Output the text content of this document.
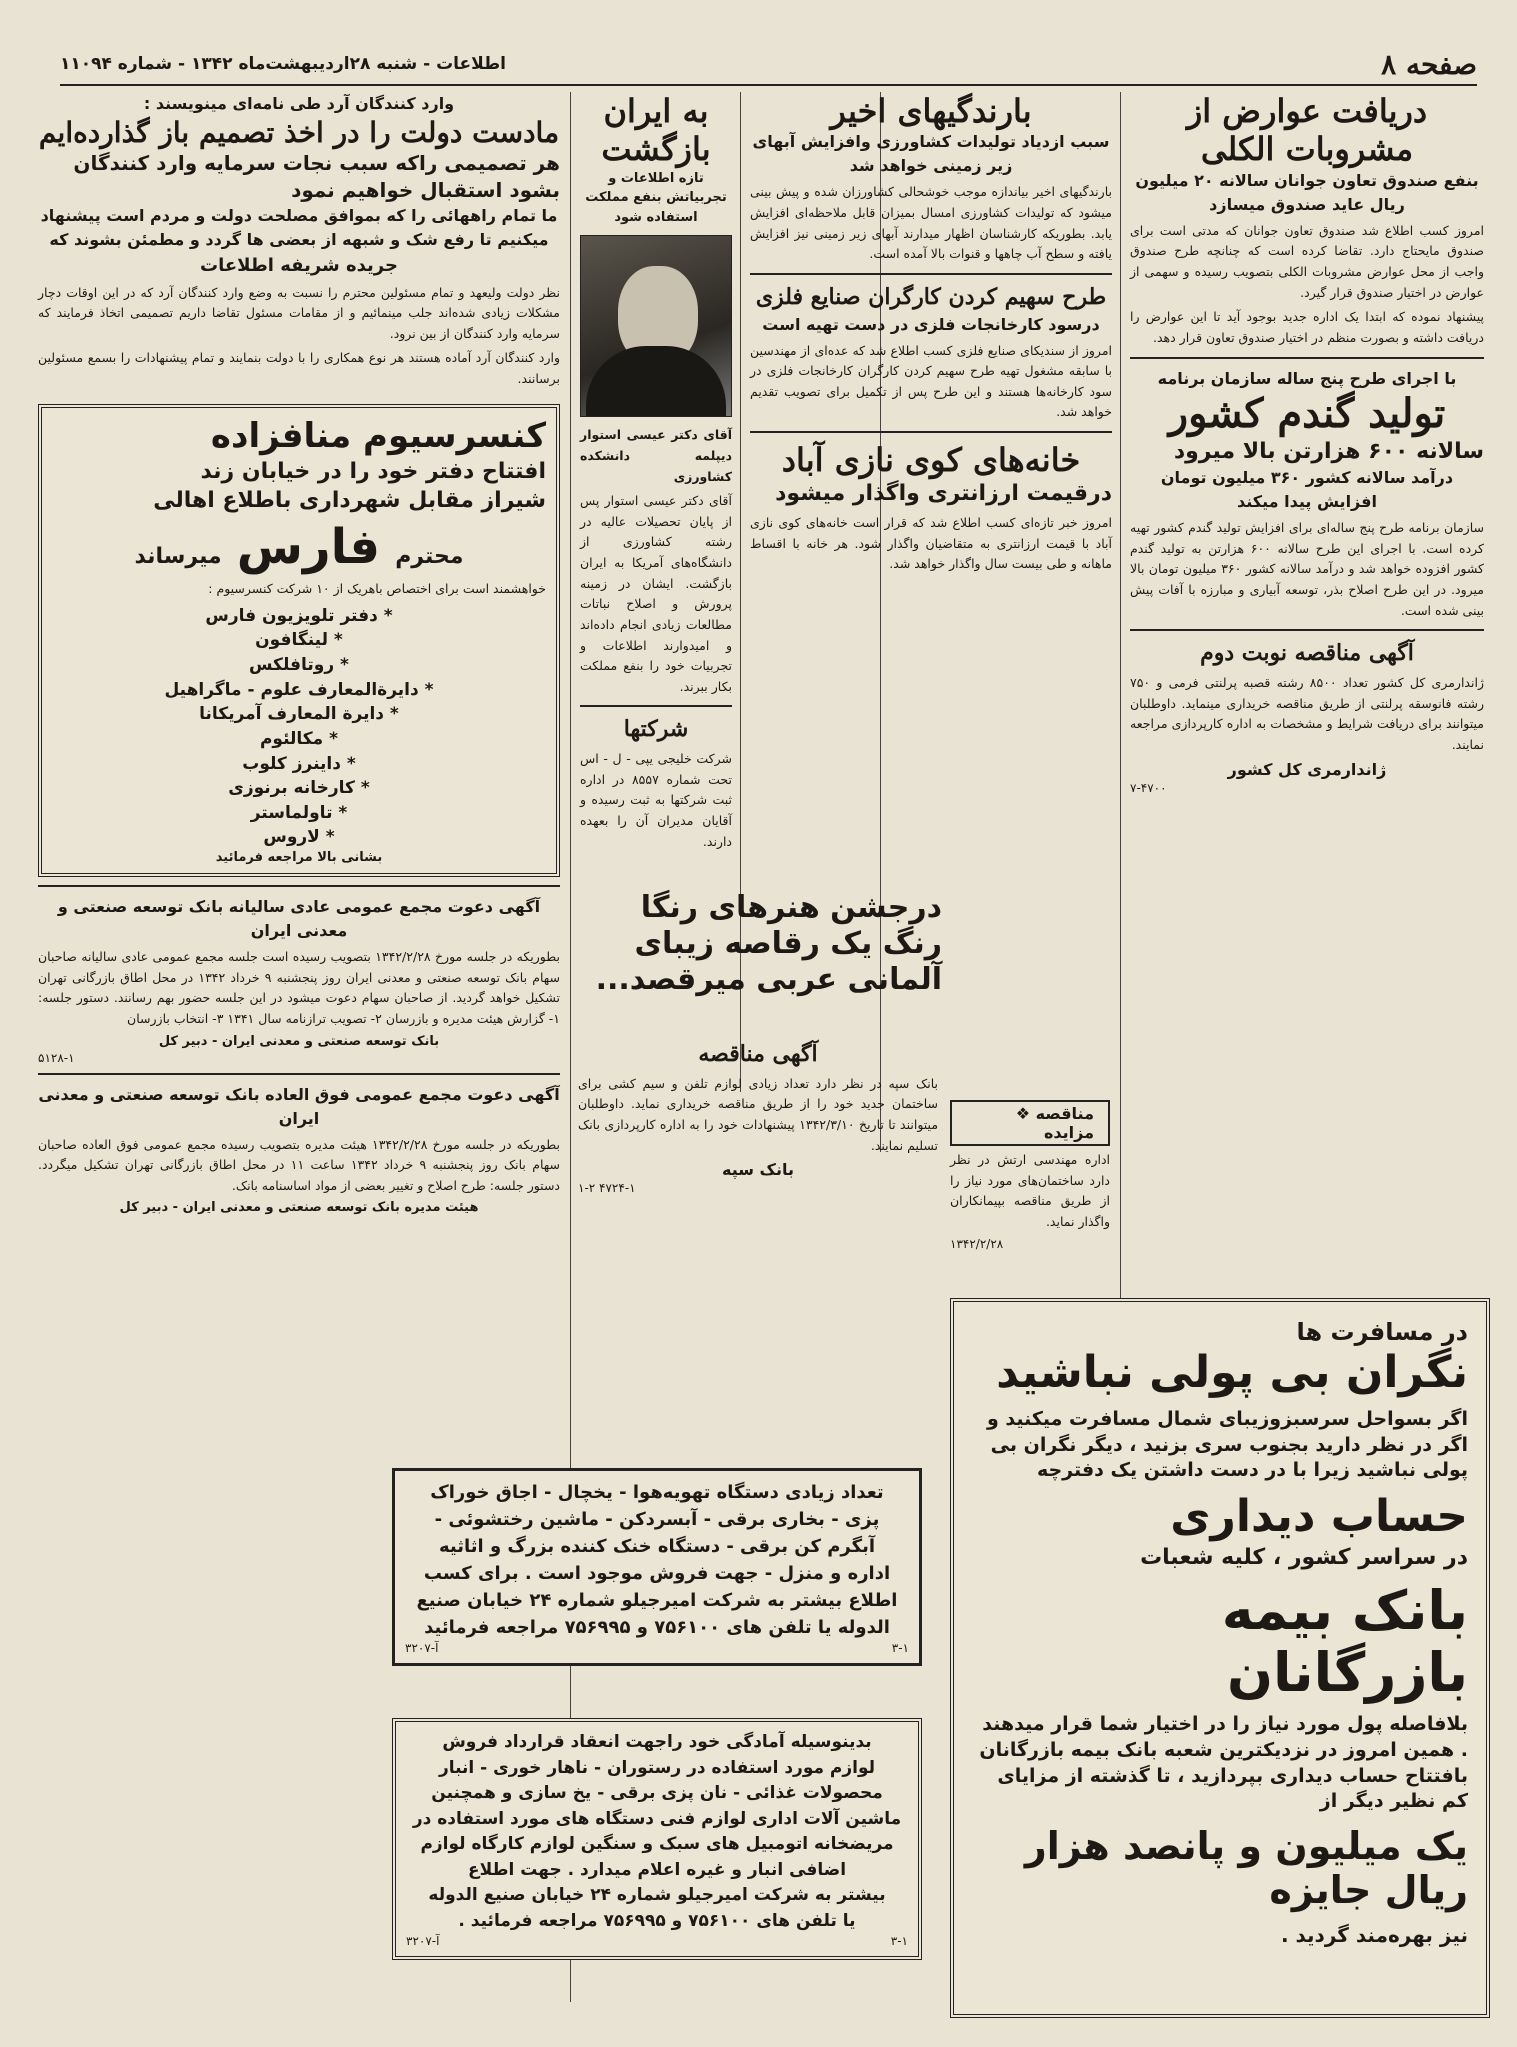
صفحه ۸
اطلاعات - شنبه ۲۸اردیبهشت‌ماه ۱۳۴۲ - شماره ۱۱۰۹۴
دریافت عوارض از مشروبات الکلی
بنفع صندوق تعاون جوانان سالانه ۲۰ میلیون ریال عاید صندوق میسازد

امروز کسب اطلاع شد صندوق تعاون جوانان که مدتی است برای صندوق مایحتاج دارد. تقاضا کرده است که چنانچه طرح صندوق واجب از محل عوارض مشروبات الکلی بتصویب رسیده و سهمی از عوارض در اختیار صندوق قرار گیرد.

پیشنهاد نموده که ابتدا یک اداره جدید بوجود آید تا این عوارض را دریافت داشته و بصورت منظم در اختیار صندوق تعاون قرار دهد.

با اجرای طرح پنج ساله سازمان برنامه
تولید گندم کشور
سالانه ۶۰۰ هزارتن بالا میرود
درآمد سالانه کشور ۳۶۰ میلیون تومان افزایش پیدا میکند

سازمان برنامه طرح پنج ساله‌ای برای افزایش تولید گندم کشور تهیه کرده است. با اجرای این طرح سالانه ۶۰۰ هزارتن به تولید گندم کشور افزوده خواهد شد و درآمد سالانه کشور ۳۶۰ میلیون تومان بالا میرود. در این طرح اصلاح بذر، توسعه آبیاری و مبارزه با آفات پیش بینی شده است.

آگهی مناقصه نوبت دوم

ژاندارمری کل کشور تعداد ۸۵۰۰ رشته قصبه پرلنتی فرمی و ۷۵۰ رشته فانوسقه پرلنتی از طریق مناقصه خریداری مینماید. داوطلبان میتوانند برای دریافت شرایط و مشخصات به اداره کارپردازی مراجعه نمایند.

ژاندارمری کل کشور
۷-۴۷۰۰
بارندگیهای اخیر
سبب ازدیاد تولیدات کشاورزی وافزایش آبهای زیر زمینی خواهد شد

بارندگیهای اخیر بیاندازه موجب خوشحالی کشاورزان شده و پیش بینی میشود که تولیدات کشاورزی امسال بمیزان قابل ملاحظه‌ای افزایش یابد. بطوریکه کارشناسان اظهار میدارند آبهای زیر زمینی نیز افزایش یافته و سطح آب چاهها و قنوات بالا آمده است.

طرح سهیم کردن کارگران صنایع فلزی
درسود کارخانجات فلزی در دست تهیه است

امروز از سندیکای صنایع فلزی کسب اطلاع شد که عده‌ای از مهندسین با سابقه مشغول تهیه طرح سهیم کردن کارگران کارخانجات فلزی در سود کارخانه‌ها هستند و این طرح پس از تکمیل برای تصویب تقدیم خواهد شد.

خانه‌های کوی نازی آباد
درقیمت ارزانتری واگذار میشود

امروز خبر تازه‌ای کسب اطلاع شد که قرار است خانه‌های کوی نازی آباد با قیمت ارزانتری به متقاضیان واگذار شود. هر خانه با اقساط ماهانه و طی بیست سال واگذار خواهد شد.

به ایران بازگشت
تازه اطلاعات و تجربیاتش بنفع مملکت استفاده شود

آقای دکتر عیسی استوار دیپلمه دانشکده کشاورزی

آقای دکتر عیسی استوار پس از پایان تحصیلات عالیه در رشته کشاورزی از دانشگاه‌های آمریکا به ایران بازگشت. ایشان در زمینه پرورش و اصلاح نباتات مطالعات زیادی انجام داده‌اند و امیدوارند اطلاعات و تجربیات خود را بنفع مملکت بکار ببرند.

شرکتها

شرکت خلیجی یپی - ل - اس تحت شماره ۸۵۵۷ در اداره ثبت شرکتها به ثبت رسیده و آقایان مدیران آن را بعهده دارند.

درجشن هنرهای رنگا
رنگ یک رقاصه زیبای
آلمانی عربی میرقصد...
مناقصه ❖ مزایده

اداره مهندسی ارتش در نظر دارد ساختمان‌های مورد نیاز را از طریق مناقصه بپیمانکاران واگذار نماید.

۱۳۴۲/۲/۲۸
آگهی مناقصه

بانک سپه در نظر دارد تعداد زیادی لوازم تلفن و سیم کشی برای ساختمان جدید خود را از طریق مناقصه خریداری نماید. داوطلبان میتوانند تا تاریخ ۱۳۴۲/۳/۱۰ پیشنهادات خود را به اداره کارپردازی بانک تسلیم نمایند.

بانک سپه
۱-۲ ۴۷۲۴-۱
وارد کنندگان آرد طی نامه‌ای مینویسند :
مادست دولت را در اخذ تصمیم باز گذارده‌ایم
هر تصمیمی راکه سبب نجات سرمایه وارد کنندگان بشود استقبال خواهیم نمود
ما تمام راههائی را که بموافق مصلحت دولت و مردم است پیشنهاد میکنیم تا رفع شک و شبهه از بعضی ها گردد و مطمئن بشوند که
جریده شریفه اطلاعات

نظر دولت ولیعهد و تمام مسئولین محترم را نسبت به وضع وارد کنندگان آرد که در این اوقات دچار مشکلات زیادی شده‌اند جلب مینمائیم و از مقامات مسئول تقاضا داریم تصمیمی اتخاذ فرمایند که سرمایه وارد کنندگان از بین نرود.

وارد کنندگان آرد آماده هستند هر نوع همکاری را با دولت بنمایند و تمام پیشنهادات را بسمع مسئولین برسانند.

کنسرسیوم منافزاده
افتتاح دفتر خود را در خیابان زند
شیراز مقابل شهرداری باطلاع اهالی
محترم فارس میرساند

خواهشمند است برای اختصاص باهریک از ۱۰ شرکت کنسرسیوم :

* دفتر تلویزیون فارس
* لینگافون
* روتافلکس
* دایرةالمعارف علوم - ماگراهیل
* دایرة المعارف آمریکانا
* مکالئوم
* داینرز کلوب
* کارخانه برنوزی
* تاولماستر
* لاروس
بشانی بالا مراجعه فرمائید
آگهی دعوت مجمع عمومی عادی سالیانه بانک توسعه صنعتی و معدنی ایران

بطوریکه در جلسه مورخ ۱۳۴۲/۲/۲۸ بتصویب رسیده است جلسه مجمع عمومی عادی سالیانه صاحبان سهام بانک توسعه صنعتی و معدنی ایران روز پنجشنبه ۹ خرداد ۱۳۴۲ در محل اطاق بازرگانی تهران تشکیل خواهد گردید. از صاحبان سهام دعوت میشود در این جلسه حضور بهم رسانند. دستور جلسه: ۱- گزارش هیئت مدیره و بازرسان ۲- تصویب ترازنامه سال ۱۳۴۱ ۳- انتخاب بازرسان

بانک توسعه صنعتی و معدنی ایران - دبیر کل
۵۱۲۸-۱
آگهی دعوت مجمع عمومی فوق العاده بانک توسعه صنعتی و معدنی ایران

بطوریکه در جلسه مورخ ۱۳۴۲/۲/۲۸ هیئت مدیره بتصویب رسیده مجمع عمومی فوق العاده صاحبان سهام بانک روز پنجشنبه ۹ خرداد ۱۳۴۲ ساعت ۱۱ در محل اطاق بازرگانی تهران تشکیل میگردد. دستور جلسه: طرح اصلاح و تغییر بعضی از مواد اساسنامه بانک.

هیئت مدیره بانک توسعه صنعتی و معدنی ایران - دبیر کل
تعداد زیادی دستگاه تهویه‌هوا - یخچال - اجاق خوراک
پزی - بخاری برقی - آبسردکن - ماشین رختشوئی -
آبگرم کن برقی - دستگاه خنک کننده بزرگ و اثاثیه
اداره و منزل - جهت فروش موجود است . برای کسب
اطلاع بیشتر به شرکت امیرجیلو شماره ۲۴ خیابان صنیع
الدوله یا تلفن های ۷۵۶۱۰۰ و ۷۵۶۹۹۵ مراجعه فرمائید
۳-۱
آ-۳۲۰۷
بدینوسیله آمادگی خود راجهت انعقاد قرارداد فروش
لوازم مورد استفاده در رستوران - ناهار خوری - انبار
محصولات غذائی - نان پزی برقی - یخ سازی و همچنین
ماشین آلات اداری لوازم فنی دستگاه های مورد استفاده در
مریضخانه اتومبیل های سبک و سنگین لوازم کارگاه لوازم
اضافی انبار و غیره اعلام میدارد . جهت اطلاع
بیشتر به شرکت امیرجیلو شماره ۲۴ خیابان صنیع الدوله
یا تلفن های ۷۵۶۱۰۰ و ۷۵۶۹۹۵ مراجعه فرمائید .
۳-۱
آ-۳۲۰۷
در مسافرت ها
نگران بی پولی نباشید
اگر بسواحل سرسبزوزیبای شمال مسافرت میکنید و اگر در نظر دارید بجنوب سری بزنید ، دیگر نگران بی پولی نباشید زیرا با در دست داشتن یک دفترچه
حساب دیداری
در سراسر کشور ، کلیه شعبات
بانک بیمه بازرگانان
بلافاصله پول مورد نیاز را در اختیار شما قرار میدهند . همین امروز در نزدیکترین شعبه بانک بیمه بازرگانان بافتتاح حساب دیداری بپردازید ، تا گذشته از مزایای کم نظیر دیگر از
یک میلیون و پانصد هزار ریال جایزه
نیز بهره‌مند گردید .
